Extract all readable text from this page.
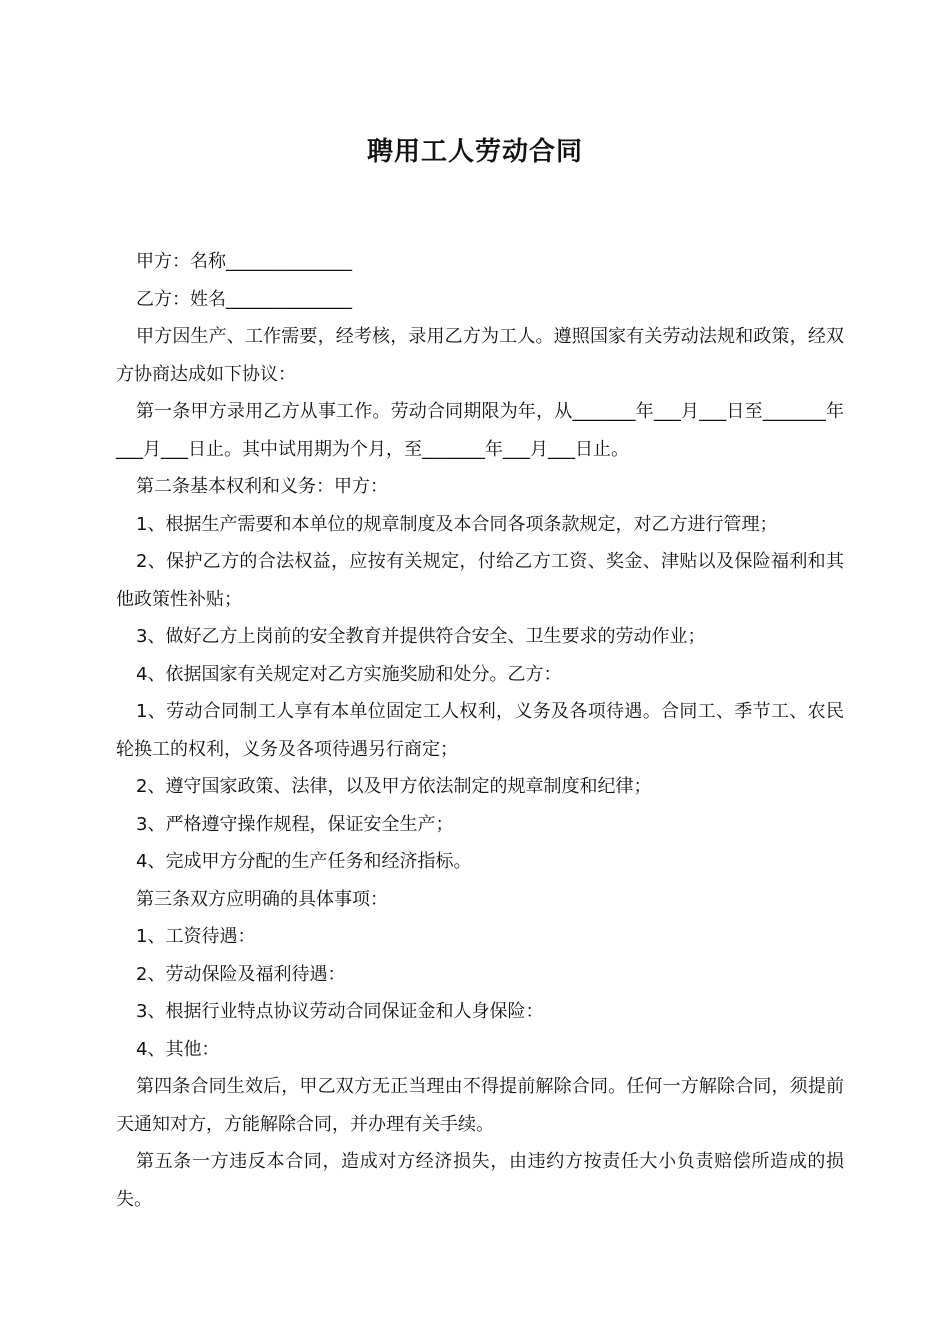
聘用工人劳动合同

甲方：名称______________

乙方：姓名______________

甲方因生产、工作需要，经考核，录用乙方为工人。遵照国家有关劳动法规和政策，经双方协商达成如下协议：

第一条甲方录用乙方从事工作。劳动合同期限为年，从_______年___月___日至_______年___月___日止。其中试用期为个月，至_______年___月___日止。

第二条基本权利和义务：甲方：

1、根据生产需要和本单位的规章制度及本合同各项条款规定，对乙方进行管理；

2、保护乙方的合法权益，应按有关规定，付给乙方工资、奖金、津贴以及保险福利和其他政策性补贴；

3、做好乙方上岗前的安全教育并提供符合安全、卫生要求的劳动作业；

4、依据国家有关规定对乙方实施奖励和处分。乙方：

1、劳动合同制工人享有本单位固定工人权利，义务及各项待遇。合同工、季节工、农民轮换工的权利，义务及各项待遇另行商定；

2、遵守国家政策、法律，以及甲方依法制定的规章制度和纪律；

3、严格遵守操作规程，保证安全生产；

4、完成甲方分配的生产任务和经济指标。

第三条双方应明确的具体事项：

1、工资待遇：

2、劳动保险及福利待遇：

3、根据行业特点协议劳动合同保证金和人身保险：

4、其他：

第四条合同生效后，甲乙双方无正当理由不得提前解除合同。任何一方解除合同，须提前天通知对方，方能解除合同，并办理有关手续。

第五条一方违反本合同，造成对方经济损失，由违约方按责任大小负责赔偿所造成的损失。
